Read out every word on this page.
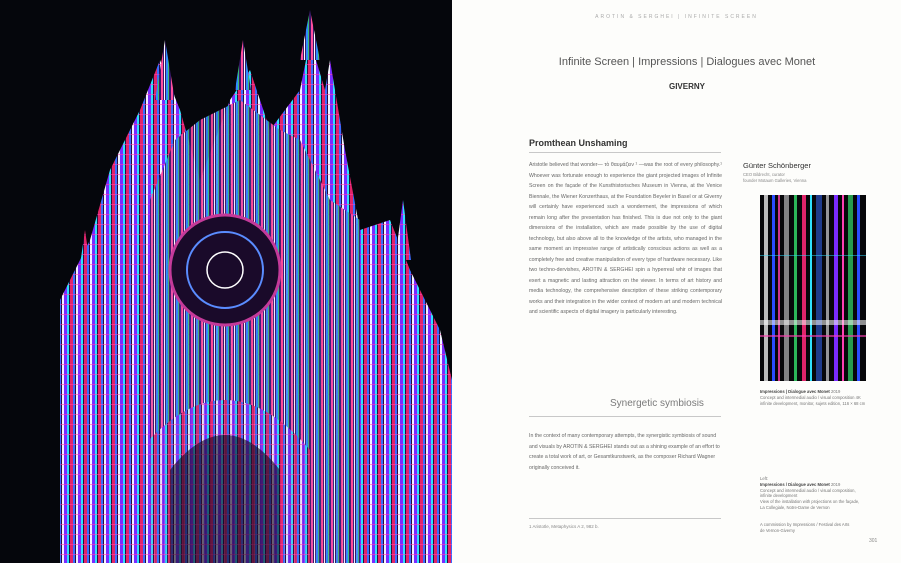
AROTIN & SERGHEI | INFINITE SCREEN
Infinite Screen | Impressions | Dialogues avec Monet
GIVERNY
Promthean Unshaming
Aristotle believed that wonder— τὸ θαυμάζειν ¹ —was the root of every philosophy.¹ Whoever was fortunate enough to experience the giant projected images of Infinite Screen on the façade of the Kunsthistorisches Museum in Vienna, at the Venice Biennale, the Wiener Konzerthaus, at the Foundation Beyeler in Basel or at Giverny will certainly have experienced such a wonderment, the impressions of which remain long after the presentation has finished. This is due not only to the giant dimensions of the installation, which are made possible by the use of digital technology, but also above all to the knowledge of the artists, who managed in the same moment an impressive range of artistically conscious actions as well as a completely free and creative manipulation of every type of hardware necessary. Like two techno-dervishes, AROTIN & SERGHEI spin a hyperreal whir of images that exert a magnetic and lasting attraction on the viewer. In terms of art history and media technology, the comprehensive description of these striking contemporary works and their integration in the wider context of modern art and modern technical and scientific aspects of digital imagery is particularly interesting.
Synergetic symbiosis
In the context of many contemporary attempts, the synergistic symbiosis of sound and visuals by AROTIN & SERGHEI stands out as a shining example of an effort to create a total work of art, or Gesamtkunstwerk, as the composer Richard Wagner originally conceived it.
1 Aristotle, Metaphysics A 2, 982 b.
Günter Schönberger
CEO Bildrecht, curator
founder Motaum Galleries, Vienna
Impressions | Dialogue avec Monet 2019
Concept and intermedial audio / visual composition 4K
infinite development, monitor, sujets edition, 116 × 68 cm
Left:
Impressions / Dialogue avec Monet 2019
Concept and intermedial audio / visual composition,
infinite development
View of the installation with projections on the façade,
La Collegiale, Notre-Dame de Vernon
A commission by Impressions / Festival des Arts
de Vernon-Giverny
301
